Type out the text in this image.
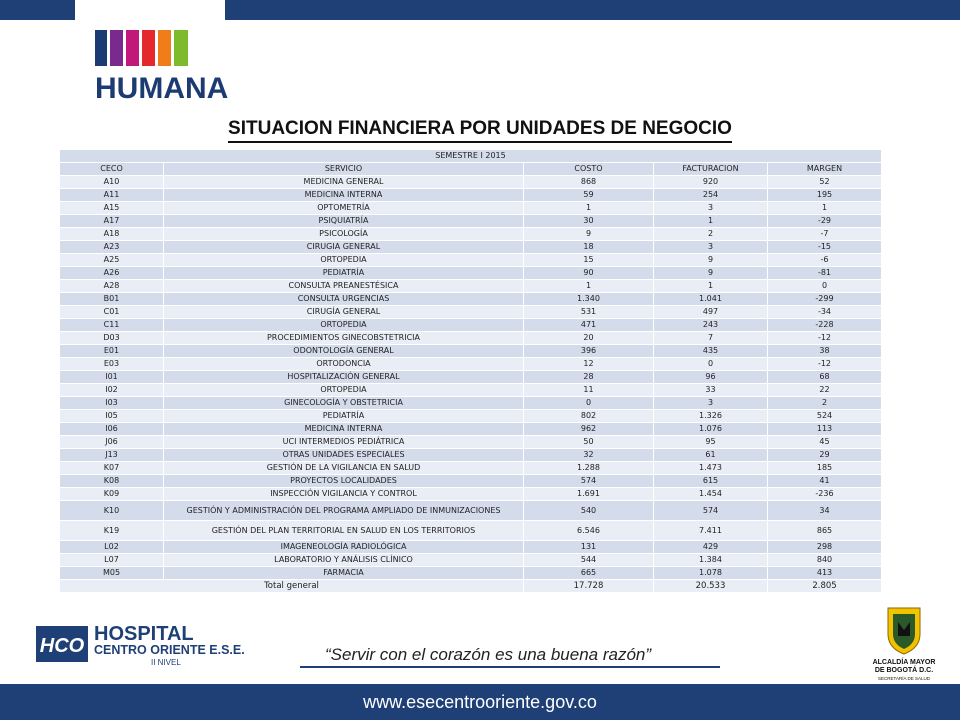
HUMANA
SITUACION FINANCIERA POR UNIDADES DE NEGOCIO
SEMESTRE I 2015				
CECO	SERVICIO	COSTO	FACTURACION	MARGEN
A10	MEDICINA GENERAL	868	920	52
A11	MEDICINA INTERNA	59	254	195
A15	OPTOMETRÍA	1	3	1
A17	PSIQUIATRÍA	30	1	-29
A18	PSICOLOGÍA	9	2	-7
A23	CIRUGIA GENERAL	18	3	-15
A25	ORTOPEDIA	15	9	-6
A26	PEDIATRÍA	90	9	-81
A28	CONSULTA PREANESTÉSICA	1	1	0
B01	CONSULTA URGENCIAS	1.340	1.041	-299
C01	CIRUGÍA GENERAL	531	497	-34
C11	ORTOPEDIA	471	243	-228
D03	PROCEDIMIENTOS GINECOBSTETRICIA	20	7	-12
E01	ODONTOLOGÍA GENERAL	396	435	38
E03	ORTODONCIA	12	0	-12
I01	HOSPITALIZACIÓN GENERAL	28	96	68
I02	ORTOPEDIA	11	33	22
I03	GINECOLOGÍA Y OBSTETRICIA	0	3	2
I05	PEDIATRÍA	802	1.326	524
I06	MEDICINA INTERNA	962	1.076	113
J06	UCI INTERMEDIOS PEDIÁTRICA	50	95	45
J13	OTRAS UNIDADES ESPECIALES	32	61	29
K07	GESTIÓN DE LA VIGILANCIA EN SALUD	1.288	1.473	185
K08	PROYECTOS LOCALIDADES	574	615	41
K09	INSPECCIÓN VIGILANCIA Y CONTROL	1.691	1.454	-236
K10	GESTIÓN Y ADMINISTRACIÓN DEL PROGRAMA AMPLIADO DE INMUNIZACIONES	540	574	34
K19	GESTIÓN DEL PLAN TERRITORIAL EN SALUD EN LOS TERRITORIOS	6.546	7.411	865
L02	IMAGENEOLOGÍA RADIOLÓGICA	131	429	298
L07	LABORATORIO Y ANÁLISIS CLÍNICO	544	1.384	840
M05	FARMACIA	665	1.078	413
Total general		17.728	20.533	2.805
HCO
HOSPITAL
CENTRO ORIENTE E.S.E.
II NIVEL	“Servir con el corazón es una buena razón”	ALCALDÍA MAYOR
DE BOGOTÁ D.C.
SECRETARÍA DE SALUD
www.esecentrooriente.gov.co
